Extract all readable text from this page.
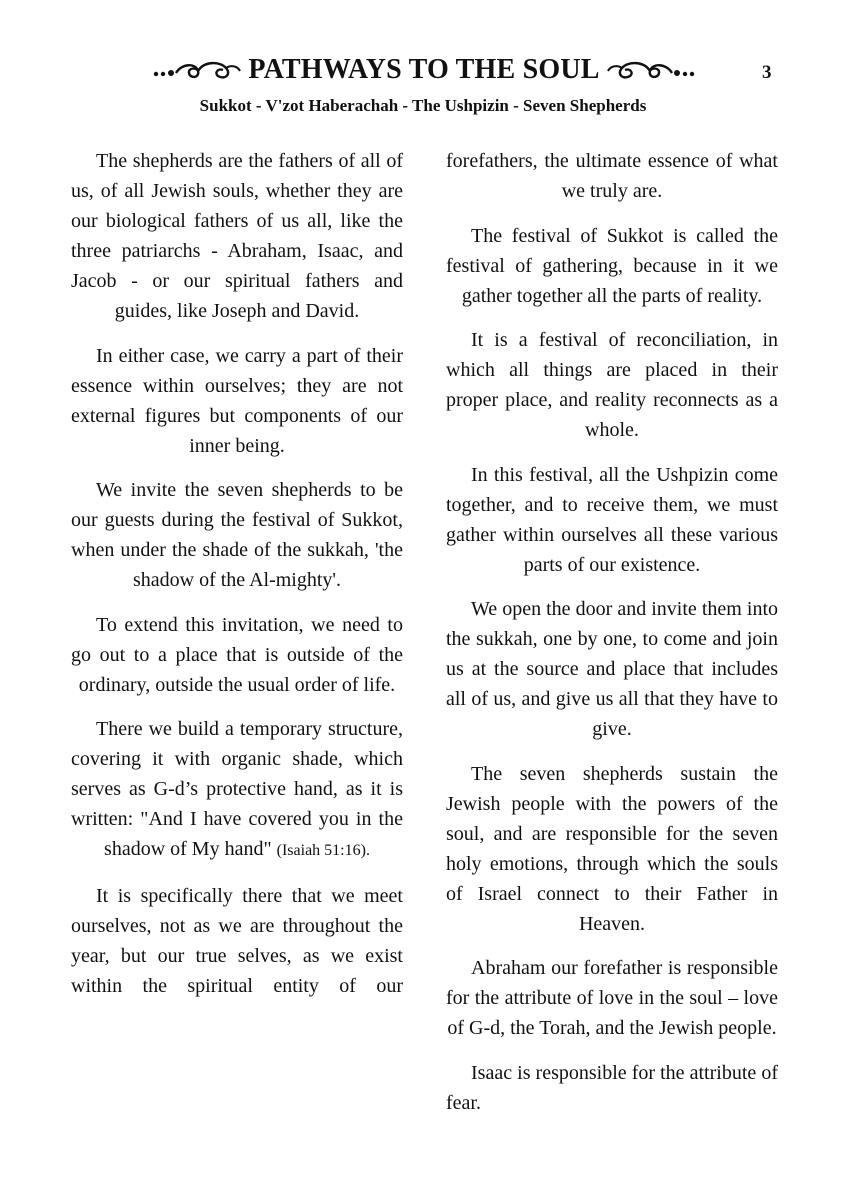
PATHWAYS TO THE SOUL	3
Sukkot - V'zot Haberachah - The Ushpizin - Seven Shepherds

The shepherds are the fathers of all of us, of all Jewish souls, whether they are our biological fathers of us all, like the three patriarchs - Abraham, Isaac, and Jacob - or our spiritual fathers and guides, like Joseph and David.

In either case, we carry a part of their essence within ourselves; they are not external figures but components of our inner being.

We invite the seven shepherds to be our guests during the festival of Sukkot, when under the shade of the sukkah, 'the shadow of the Al-mighty'.

To extend this invitation, we need to go out to a place that is outside of the ordinary, outside the usual order of life.

There we build a temporary structure, covering it with organic shade, which serves as G-d’s protective hand, as it is written: "And I have covered you in the shadow of My hand" (Isaiah 51:16).

It is specifically there that we meet ourselves, not as we are throughout the year, but our true selves, as we exist within the spiritual entity of our

forefathers, the ultimate essence of what we truly are.

The festival of Sukkot is called the festival of gathering, because in it we gather together all the parts of reality.

It is a festival of reconciliation, in which all things are placed in their proper place, and reality reconnects as a whole.

In this festival, all the Ushpizin come together, and to receive them, we must gather within ourselves all these various parts of our existence.

We open the door and invite them into the sukkah, one by one, to come and join us at the source and place that includes all of us, and give us all that they have to give.

The seven shepherds sustain the Jewish people with the powers of the soul, and are responsible for the seven holy emotions, through which the souls of Israel connect to their Father in Heaven.

Abraham our forefather is responsible for the attribute of love in the soul – love of G-d, the Torah, and the Jewish people.

Isaac is responsible for the attribute of fear.
